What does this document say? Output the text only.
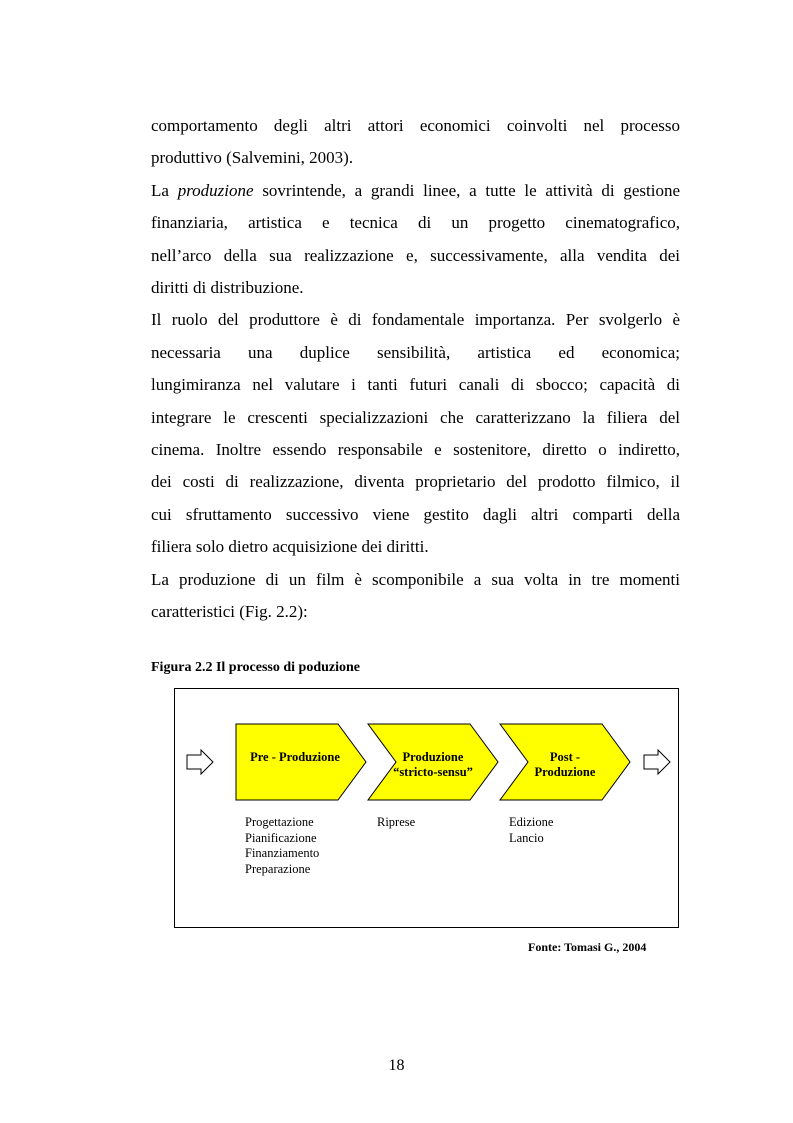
comportamento degli altri attori economici coinvolti nel processo
produttivo (Salvemini, 2003).
La produzione sovrintende, a grandi linee, a tutte le attività di gestione
finanziaria, artistica e tecnica di un progetto cinematografico,
nell’arco della sua realizzazione e, successivamente, alla vendita dei
diritti di distribuzione.
Il ruolo del produttore è di fondamentale importanza. Per svolgerlo è
necessaria una duplice sensibilità, artistica ed economica;
lungimiranza nel valutare i tanti futuri canali di sbocco; capacità di
integrare le crescenti specializzazioni che caratterizzano la filiera del
cinema. Inoltre essendo responsabile e sostenitore, diretto o indiretto,
dei costi di realizzazione, diventa proprietario del prodotto filmico, il
cui sfruttamento successivo viene gestito dagli altri comparti della
filiera solo dietro acquisizione dei diritti.
La produzione di un film è scomponibile a sua volta in tre momenti
caratteristici (Fig. 2.2):
Figura 2.2 Il processo di poduzione
Pre - Produzione	Produzione
“stricto-sensu”
Post -
Produzione
Progettazione
Pianificazione
Finanziamento
Preparazione
Riprese	Edizione
Lancio
Fonte: Tomasi G., 2004
18
